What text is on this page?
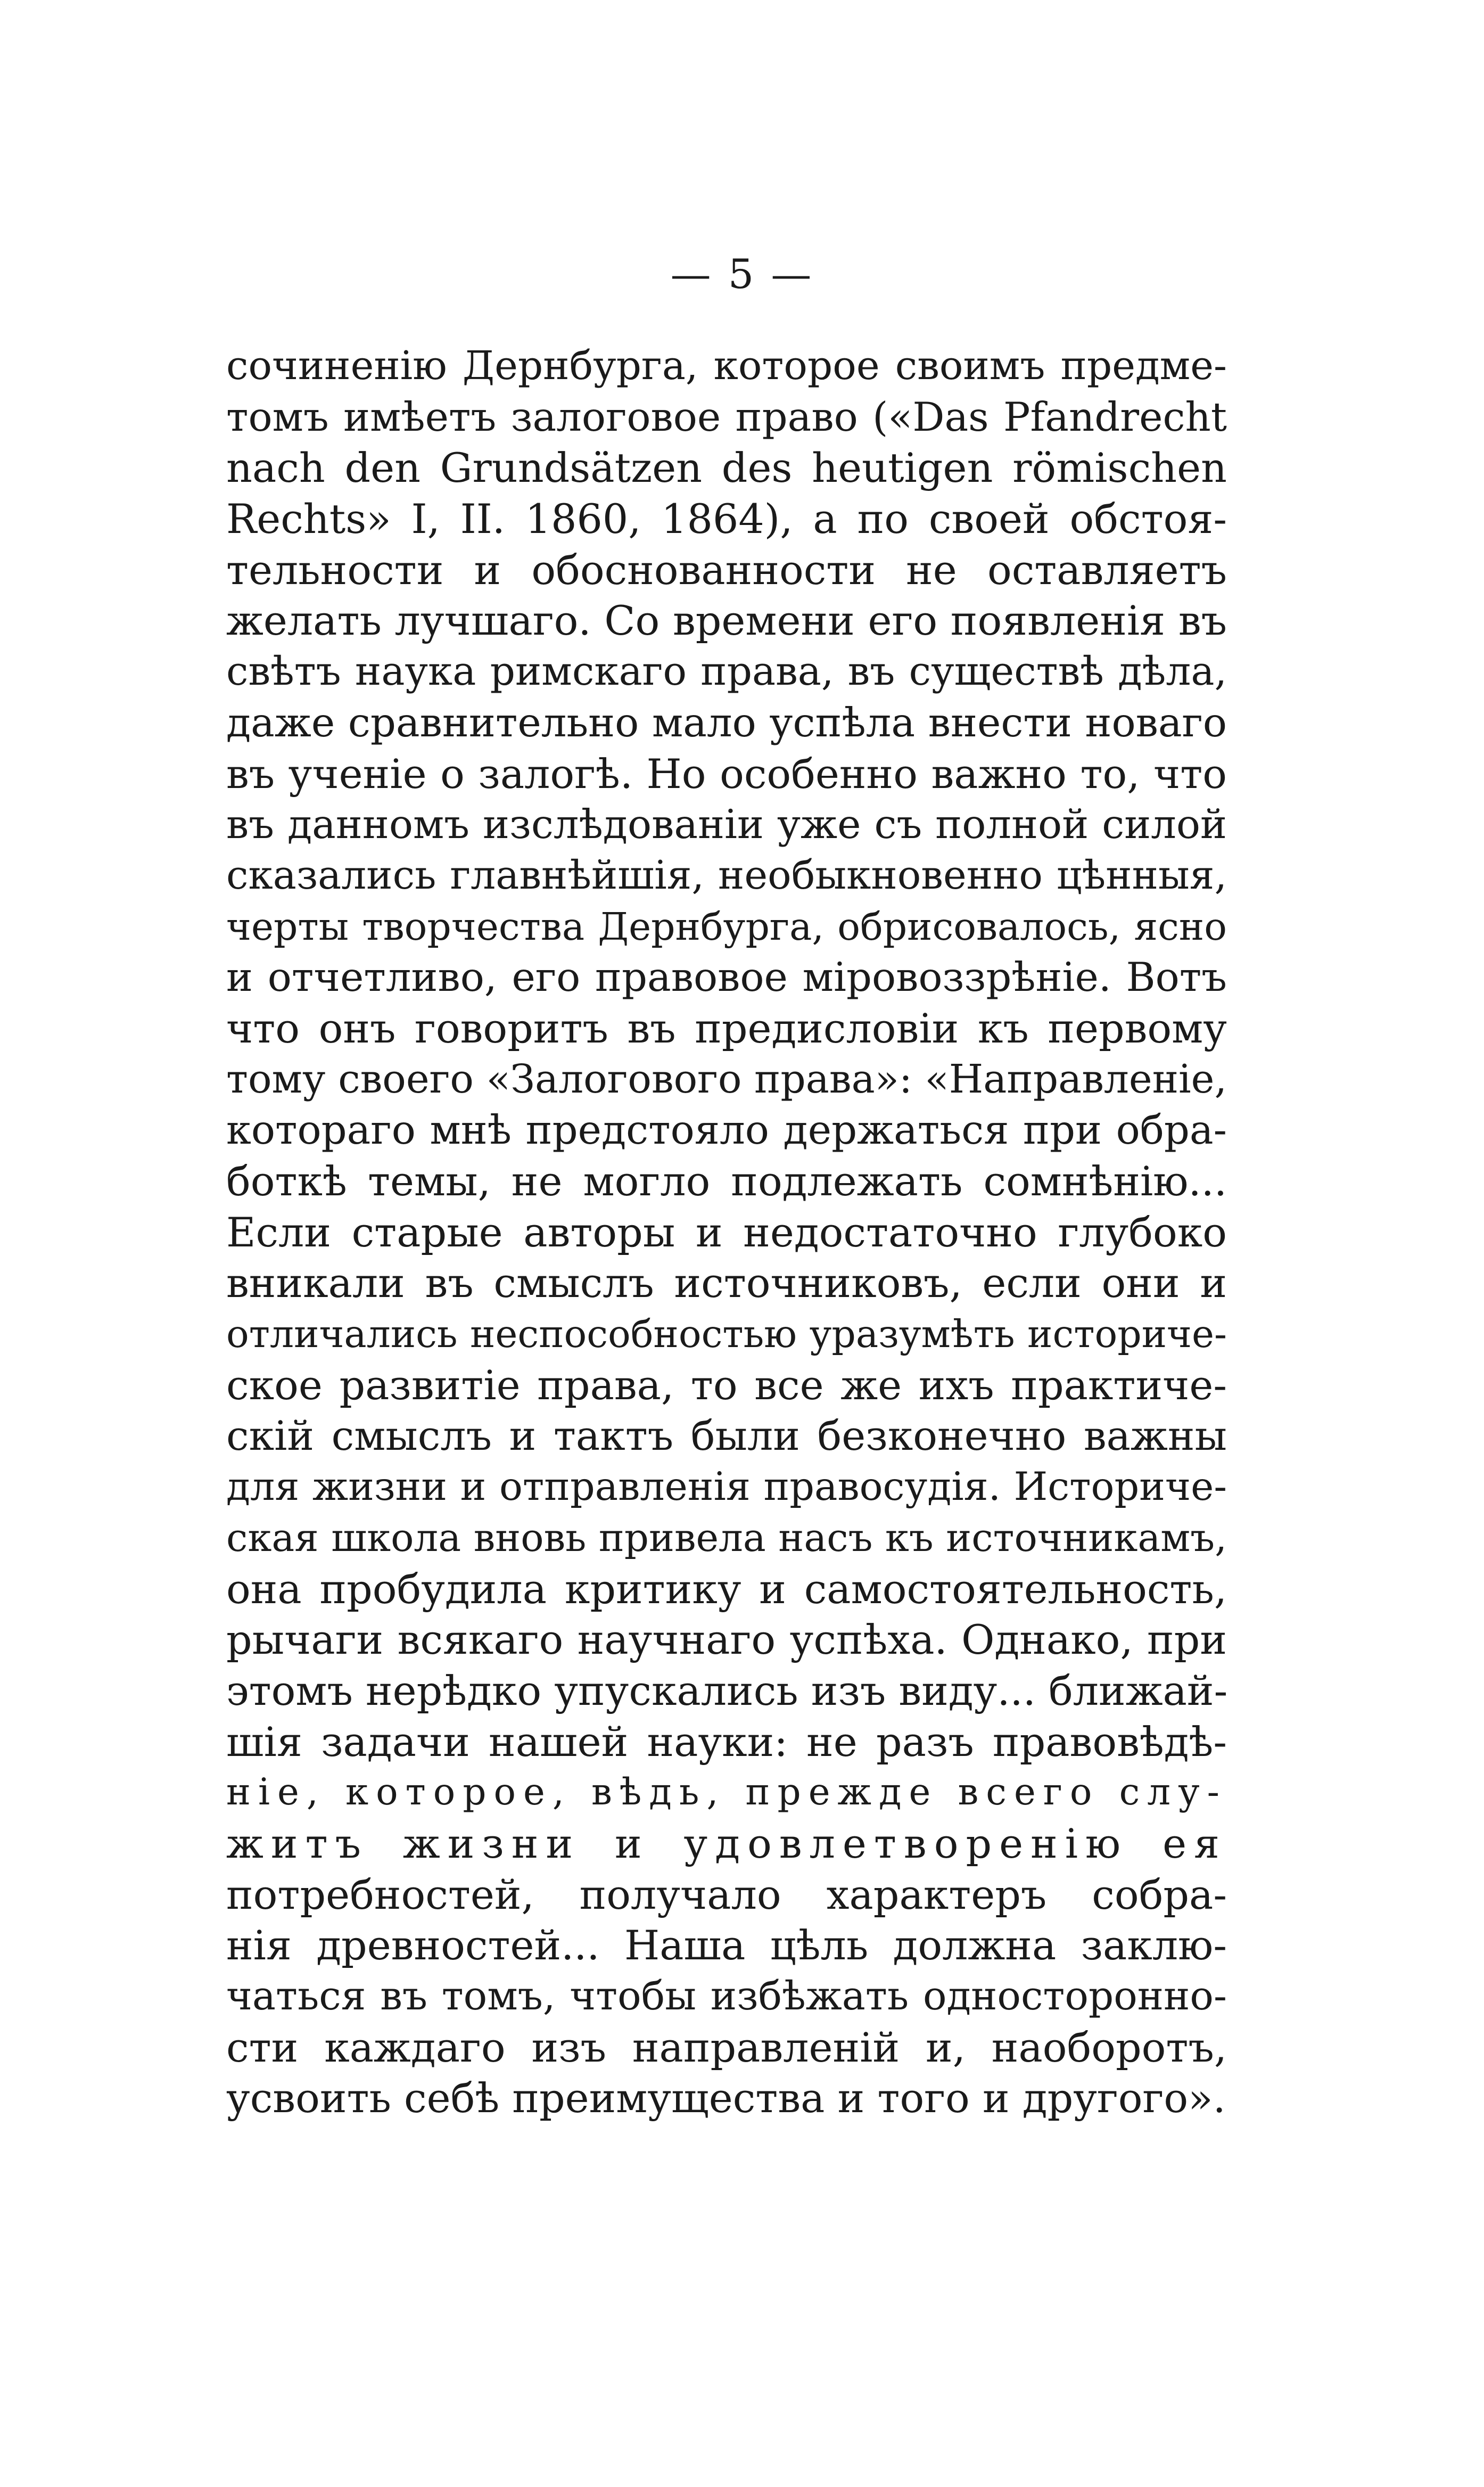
— 5 —
сочиненію Дернбурга, которое своимъ предме-
томъ имѣетъ залоговое право («Das Pfandrecht
nach den Grundsätzen des heutigen römischen
Rechts» I, II. 1860, 1864), а по своей обстоя-
тельности и обоснованности не оставляетъ
желать лучшаго. Со времени его появленія въ
свѣтъ наука римскаго права, въ существѣ дѣла,
даже сравнительно мало успѣла внести новаго
въ ученіе о залогѣ. Но особенно важно то, что
въ данномъ изслѣдованіи уже съ полной силой
сказались главнѣйшія, необыкновенно цѣнныя,
черты творчества Дернбурга, обрисовалось, ясно
и отчетливо, его правовое міровоззрѣніе. Вотъ
что онъ говоритъ въ предисловіи къ первому
тому своего «Залогового права»: «Направленіе,
котораго мнѣ предстояло держаться при обра-
боткѣ темы, не могло подлежать сомнѣнію...
Если старые авторы и недостаточно глубоко
вникали въ смыслъ источниковъ, если они и
отличались неспособностью уразумѣть историче-
ское развитіе права, то все же ихъ практиче-
скій смыслъ и тактъ были безконечно важны
для жизни и отправленія правосудія. Историче-
ская школа вновь привела насъ къ источникамъ,
она пробудила критику и самостоятельность,
рычаги всякаго научнаго успѣха. Однако, при
этомъ нерѣдко упускались изъ виду... ближай-
шія задачи нашей науки: не разъ правовѣдѣ-
ніе, которое, вѣдь, прежде всего слу-
житъ жизни и удовлетворенію ея
потребностей, получало характеръ собра-
нія древностей... Наша цѣль должна заклю-
чаться въ томъ, чтобы избѣжать односторонно-
сти каждаго изъ направленій и, наоборотъ,
усвоить себѣ преимущества и того и другого».
